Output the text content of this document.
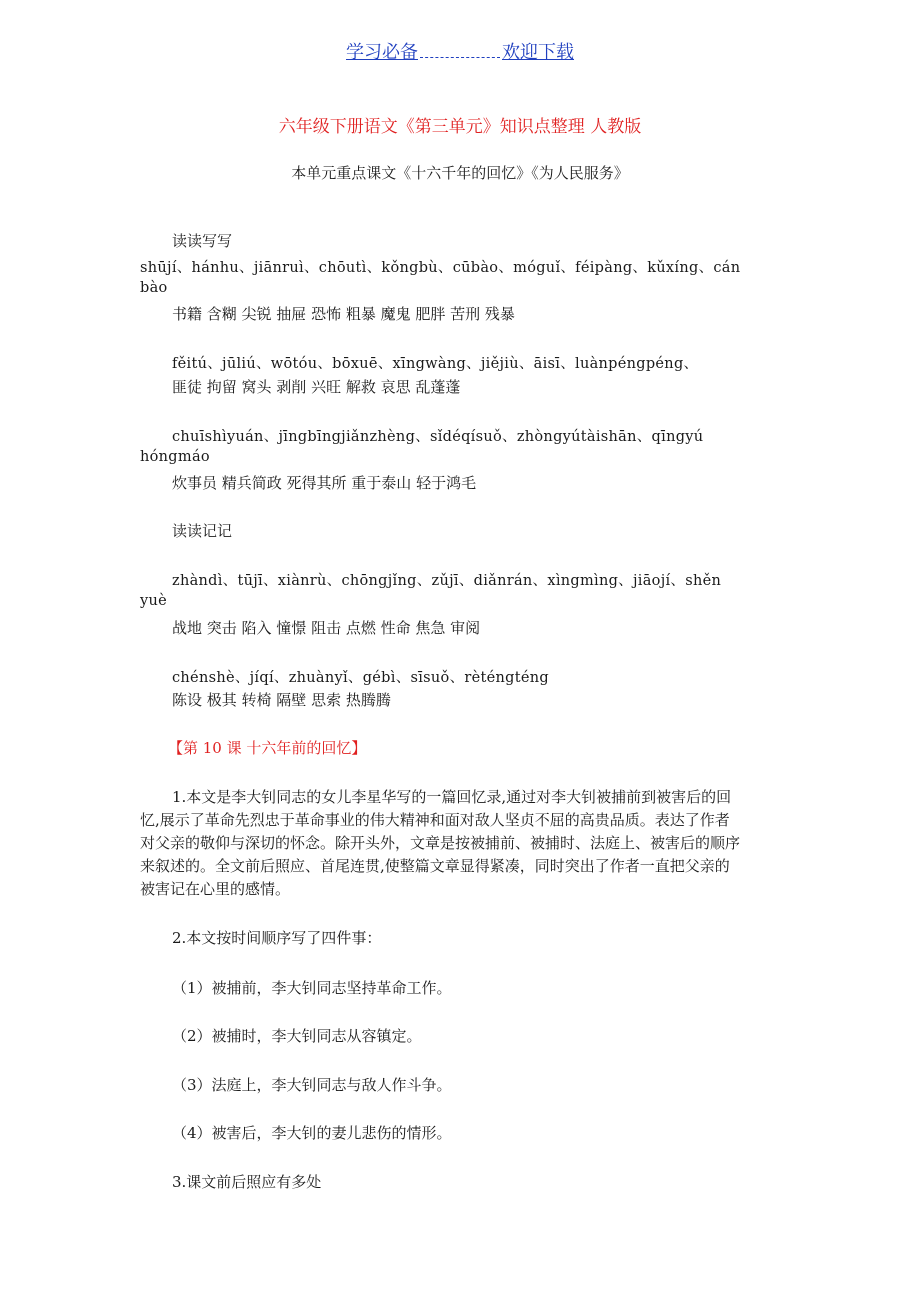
学习必备	欢迎下载
六年级下册语文《第三单元》知识点整理 人教版
本单元重点课文《十六千年的回忆》《为人民服务》
读读写写
shūjí、hánhu、jiānruì、chōutì、kǒngbù、cūbào、móguǐ、féipàng、kǔxíng、cán
bào
书籍 含糊 尖锐 抽屉 恐怖 粗暴 魔鬼 肥胖 苦刑 残暴
fěitú、jūliú、wōtóu、bōxuē、xīngwàng、jiějiù、āisī、luànpéngpéng、
匪徒 拘留 窝头 剥削 兴旺 解救 哀思 乱蓬蓬
chuīshìyuán、jīngbīngjiǎnzhèng、sǐdéqísuǒ、zhòngyútàishān、qīngyú
hóngmáo
炊事员 精兵简政 死得其所 重于泰山 轻于鸿毛
读读记记
zhàndì、tūjī、xiànrù、chōngjǐng、zǔjī、diǎnrán、xìngmìng、jiāojí、shěn
yuè
战地 突击 陷入 憧憬 阻击 点燃 性命 焦急 审阅
chénshè、jíqí、zhuànyǐ、gébì、sīsuǒ、rèténgténg
陈设 极其 转椅 隔壁 思索 热腾腾
【第 10 课 十六年前的回忆】
1.本文是李大钊同志的女儿李星华写的一篇回忆录,通过对李大钊被捕前到被害后的回
忆,展示了革命先烈忠于革命事业的伟大精神和面对敌人坚贞不屈的高贵品质。表达了作者
对父亲的敬仰与深切的怀念。除开头外，文章是按被捕前、被捕时、法庭上、被害后的顺序
来叙述的。全文前后照应、首尾连贯,使整篇文章显得紧凑，同时突出了作者一直把父亲的
被害记在心里的感情。
2.本文按时间顺序写了四件事：
（1）被捕前，李大钊同志坚持革命工作。
（2）被捕时，李大钊同志从容镇定。
（3）法庭上，李大钊同志与敌人作斗争。
（4）被害后，李大钊的妻儿悲伤的情形。
3.课文前后照应有多处
